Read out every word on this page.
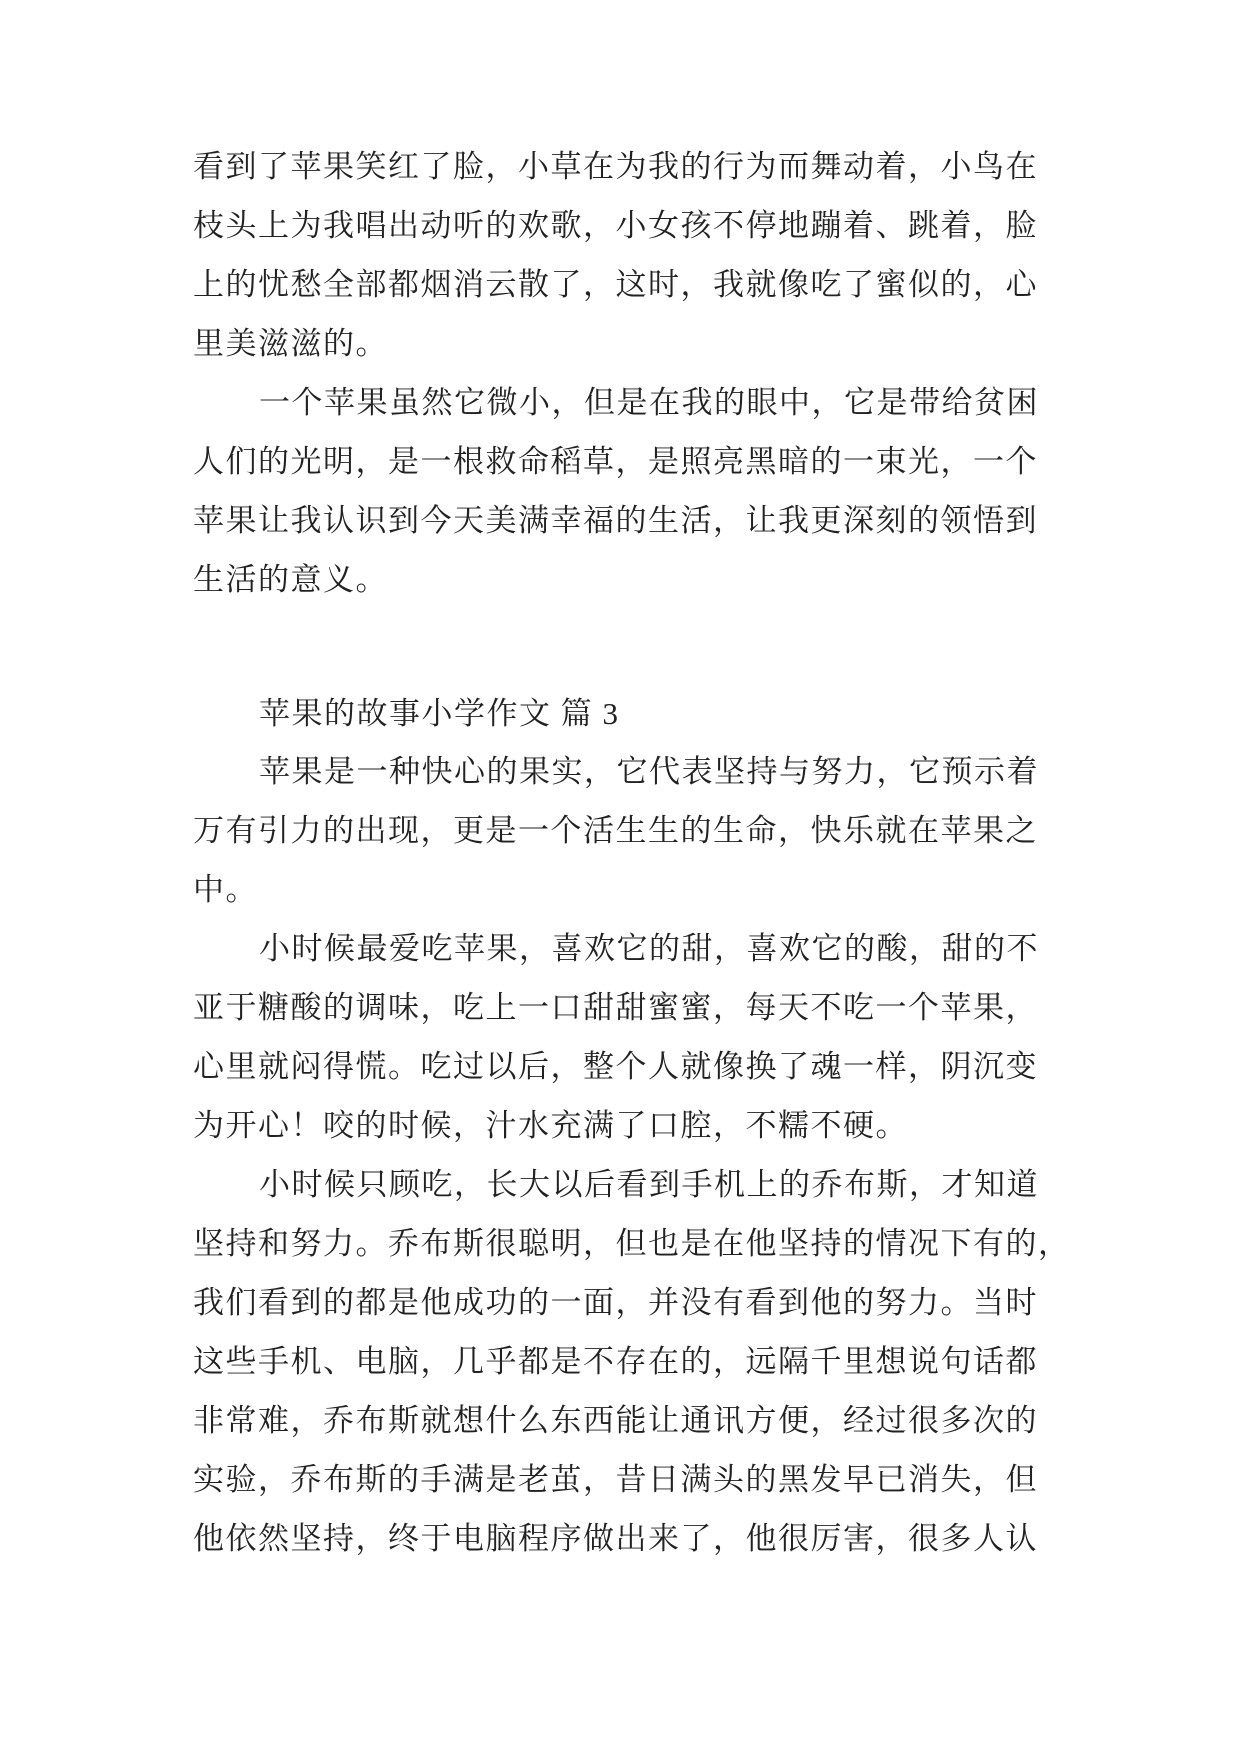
看到了苹果笑红了脸，小草在为我的行为而舞动着，小鸟在
枝头上为我唱出动听的欢歌，小女孩不停地蹦着、跳着，脸
上的忧愁全部都烟消云散了，这时，我就像吃了蜜似的，心
里美滋滋的。
一个苹果虽然它微小，但是在我的眼中，它是带给贫困
人们的光明，是一根救命稻草，是照亮黑暗的一束光，一个
苹果让我认识到今天美满幸福的生活，让我更深刻的领悟到
生活的意义。
苹果的故事小学作文 篇 3
苹果是一种快心的果实，它代表坚持与努力，它预示着
万有引力的出现，更是一个活生生的生命，快乐就在苹果之
中。
小时候最爱吃苹果，喜欢它的甜，喜欢它的酸，甜的不
亚于糖酸的调味，吃上一口甜甜蜜蜜，每天不吃一个苹果，
心里就闷得慌。吃过以后，整个人就像换了魂一样，阴沉变
为开心！咬的时候，汁水充满了口腔，不糯不硬。
小时候只顾吃，长大以后看到手机上的乔布斯，才知道
坚持和努力。乔布斯很聪明，但也是在他坚持的情况下有的，
我们看到的都是他成功的一面，并没有看到他的努力。当时
这些手机、电脑，几乎都是不存在的，远隔千里想说句话都
非常难，乔布斯就想什么东西能让通讯方便，经过很多次的
实验，乔布斯的手满是老茧，昔日满头的黑发早已消失，但
他依然坚持，终于电脑程序做出来了，他很厉害，很多人认
